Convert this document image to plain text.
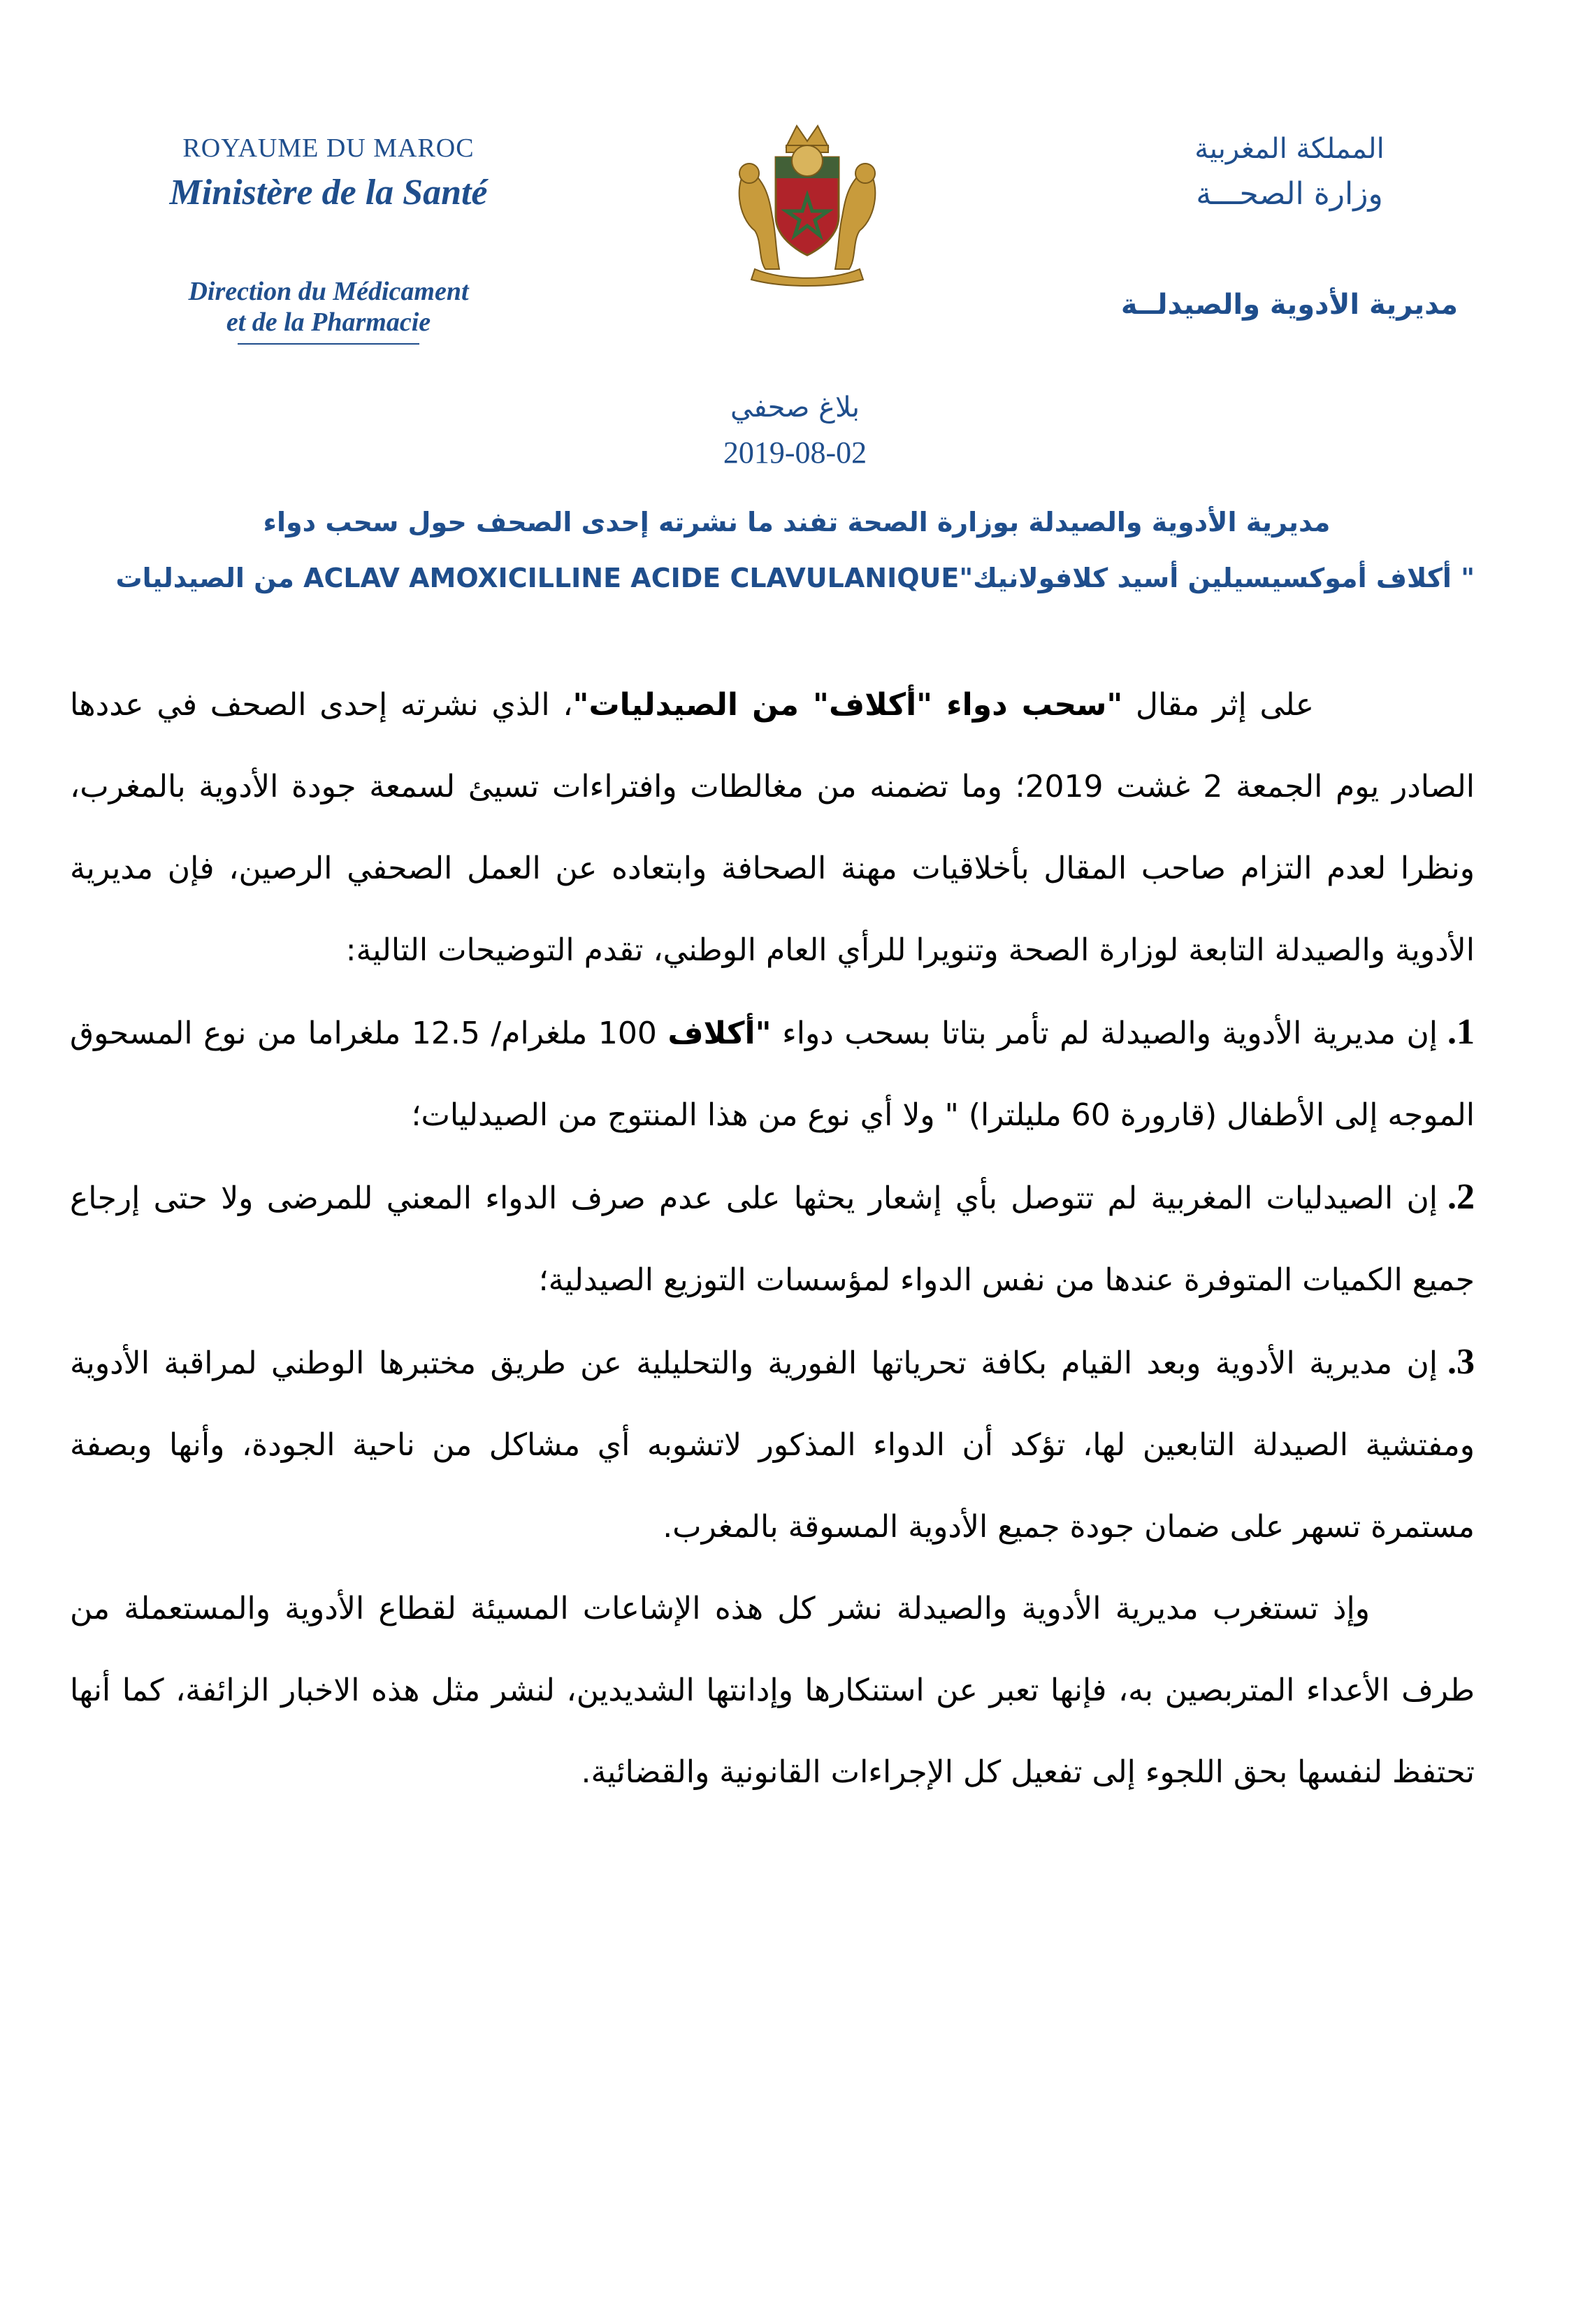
ROYAUME DU MAROC
Ministère de la Santé
Direction du Médicament
et de la Pharmacie
المملكة المغربية
وزارة الصحـــة
مديرية الأدوية والصيدلــة
بلاغ صحفي
2019-08-02
مديرية الأدوية والصيدلة بوزارة الصحة تفند ما نشرته إحدى الصحف حول سحب دواء
" أكلاف أموكسيسيلين أسيد كلافولانيك"ACLAV AMOXICILLINE ACIDE CLAVULANIQUE من الصيدليات

على إثر مقال "سحب دواء "أكلاف" من الصيدليات"، الذي نشرته إحدى الصحف في عددها الصادر يوم الجمعة 2 غشت 2019؛ وما تضمنه من مغالطات وافتراءات تسيئ لسمعة جودة الأدوية بالمغرب، ونظرا لعدم التزام صاحب المقال بأخلاقيات مهنة الصحافة وابتعاده عن العمل الصحفي الرصين، فإن مديرية الأدوية والصيدلة التابعة لوزارة الصحة وتنويرا للرأي العام الوطني، تقدم التوضيحات التالية:

1.إن مديرية الأدوية والصيدلة لم تأمر بتاتا بسحب دواء "أكلاف 100 ملغرام/ 12.5 ملغراما من نوع المسحوق الموجه إلى الأطفال (قارورة 60 مليلترا) " ولا أي نوع من هذا المنتوج من الصيدليات؛
2.إن الصيدليات المغربية لم تتوصل بأي إشعار يحثها على عدم صرف الدواء المعني للمرضى ولا حتى إرجاع جميع الكميات المتوفرة عندها من نفس الدواء لمؤسسات التوزيع الصيدلية؛
3.إن مديرية الأدوية وبعد القيام بكافة تحرياتها الفورية والتحليلية عن طريق مختبرها الوطني لمراقبة الأدوية ومفتشية الصيدلة التابعين لها، تؤكد أن الدواء المذكور لاتشوبه أي مشاكل من ناحية الجودة، وأنها وبصفة مستمرة تسهر على ضمان جودة جميع الأدوية المسوقة بالمغرب.

وإذ تستغرب مديرية الأدوية والصيدلة نشر كل هذه الإشاعات المسيئة لقطاع الأدوية والمستعملة من طرف الأعداء المتربصين به، فإنها تعبر عن استنكارها وإدانتها الشديدين، لنشر مثل هذه الاخبار الزائفة، كما أنها تحتفظ لنفسها بحق اللجوء إلى تفعيل كل الإجراءات القانونية والقضائية.
